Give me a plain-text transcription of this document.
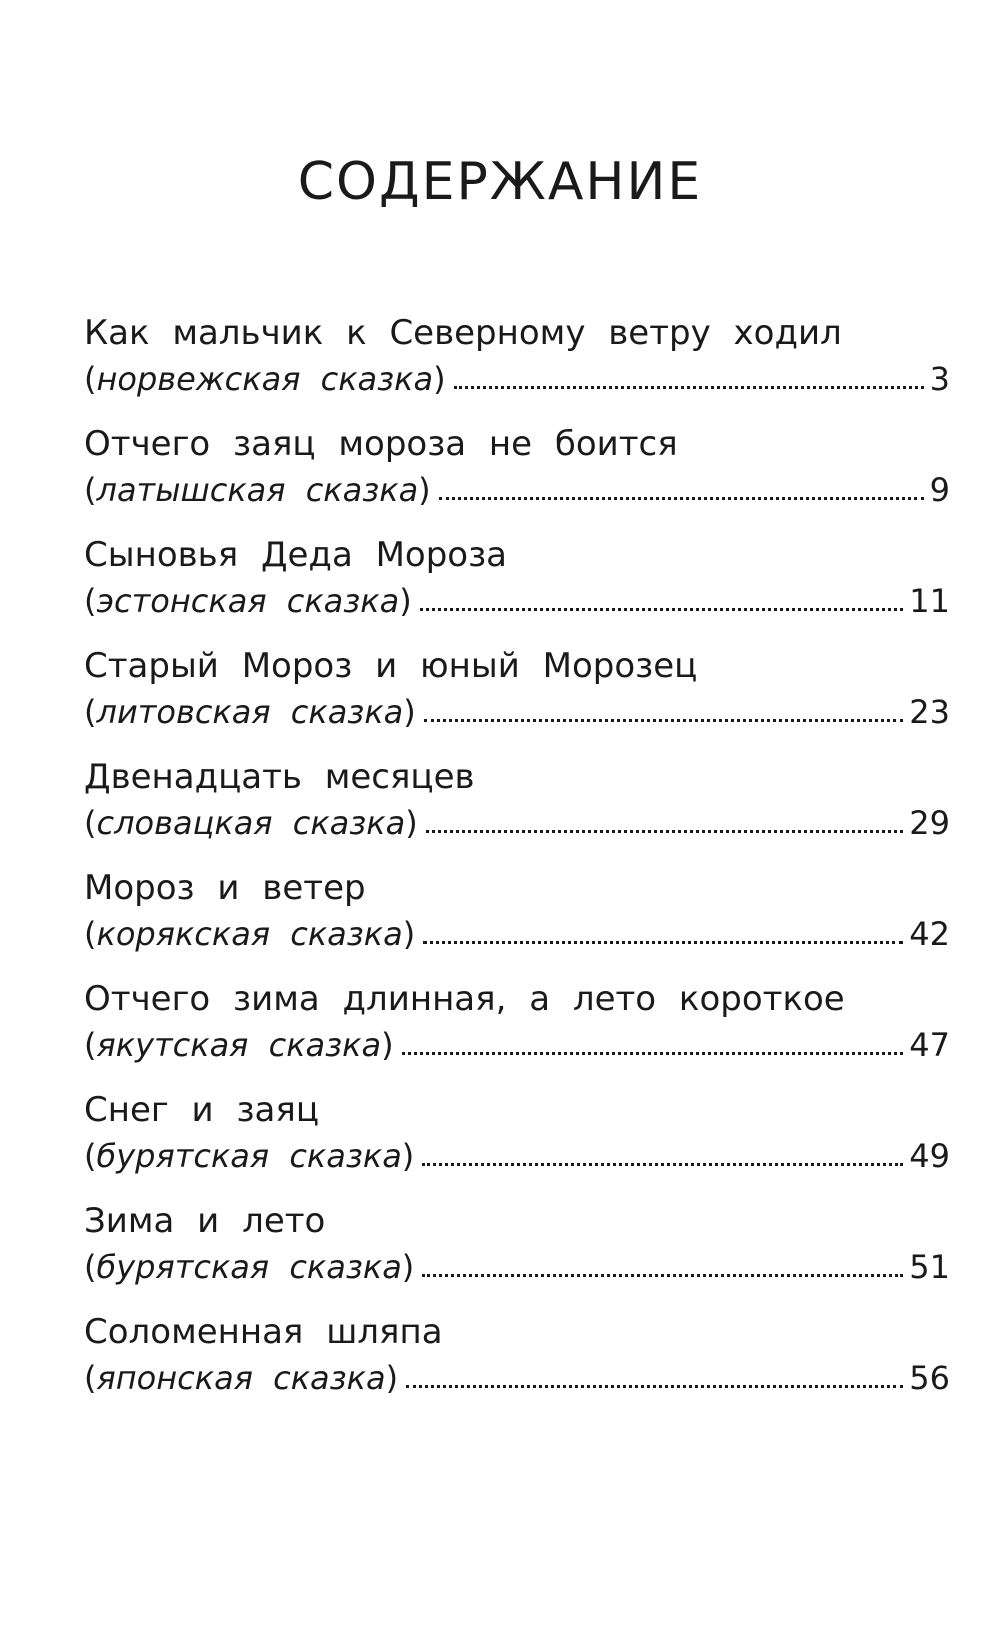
СОДЕРЖАНИЕ
Как мальчик к Северному ветру ходил
( норвежская сказка )	3
Отчего заяц мороза не боится
( латышская сказка )	9
Сыновья Деда Мороза
( эстонская сказка )	11
Старый Мороз и юный Морозец
( литовская сказка )	23
Двенадцать месяцев
( словацкая сказка )	29
Мороз и ветер
( корякская сказка )	42
Отчего зима длинная, а лето короткое
( якутская сказка )	47
Снег и заяц
( бурятская сказка )	49
Зима и лето
( бурятская сказка )	51
Соломенная шляпа
( японская сказка )	56
